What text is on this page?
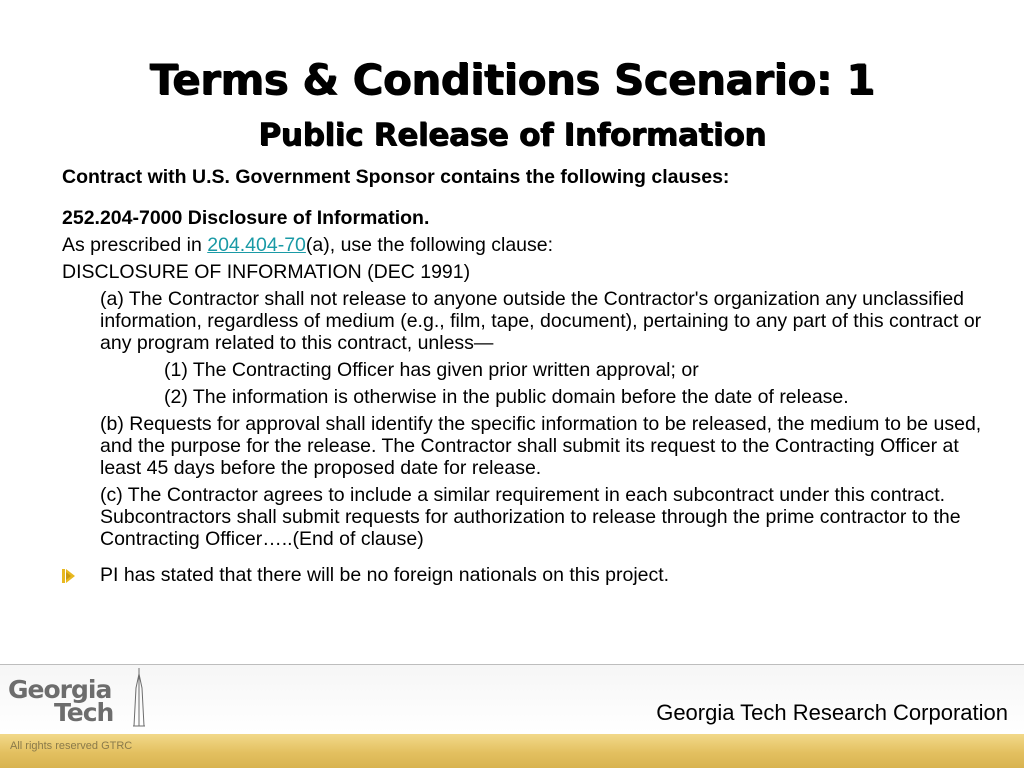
Terms & Conditions Scenario: 1
Public Release of Information
Contract with U.S. Government Sponsor contains the following clauses:
252.204-7000 Disclosure of Information.
As prescribed in 204.404-70(a), use the following clause:
DISCLOSURE OF INFORMATION (DEC 1991)
(a) The Contractor shall not release to anyone outside the Contractor's organization any unclassified information, regardless of medium (e.g., film, tape, document), pertaining to any part of this contract or any program related to this contract, unless—
(1) The Contracting Officer has given prior written approval; or
(2) The information is otherwise in the public domain before the date of release.
(b) Requests for approval shall identify the specific information to be released, the medium to be used, and the purpose for the release. The Contractor shall submit its request to the Contracting Officer at least 45 days before the proposed date for release.
(c) The Contractor agrees to include a similar requirement in each subcontract under this contract. Subcontractors shall submit requests for authorization to release through the prime contractor to the Contracting Officer…..(End of clause)
PI has stated that there will be no foreign nationals on this project.
Georgia
Tech	Georgia Tech Research Corporation
All rights reserved GTRC
